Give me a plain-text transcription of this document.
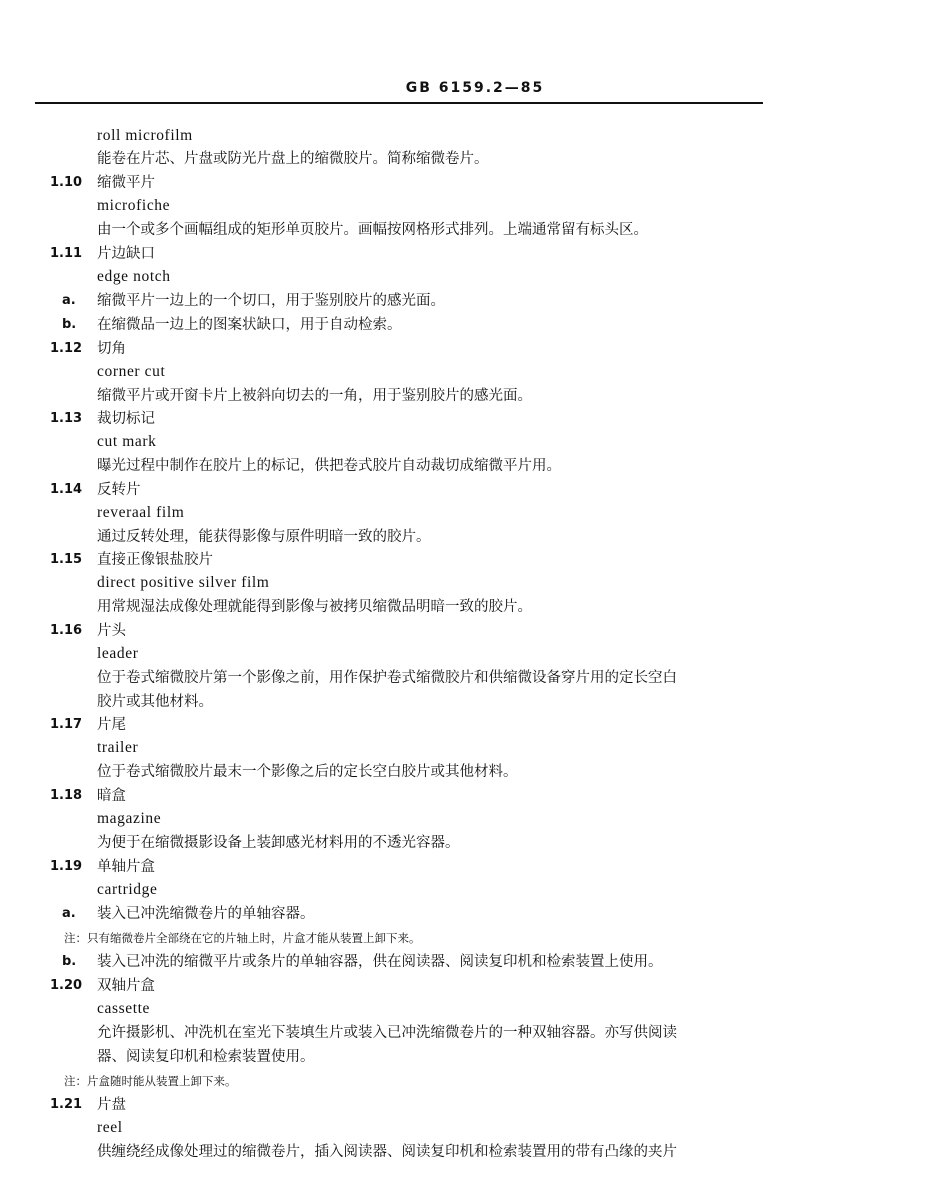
GB 6159.2—85
roll microfilm
能卷在片芯、片盘或防光片盘上的缩微胶片。简称缩微卷片。
1.10 缩微平片
microfiche
由一个或多个画幅组成的矩形单页胶片。画幅按网格形式排列。上端通常留有标头区。
1.11 片边缺口
edge notch
a. 缩微平片一边上的一个切口，用于鉴别胶片的感光面。
b. 在缩微品一边上的图案状缺口，用于自动检索。
1.12 切角
corner cut
缩微平片或开窗卡片上被斜向切去的一角，用于鉴别胶片的感光面。
1.13 裁切标记
cut mark
曝光过程中制作在胶片上的标记，供把卷式胶片自动裁切成缩微平片用。
1.14 反转片
reveraal film
通过反转处理，能获得影像与原件明暗一致的胶片。
1.15 直接正像银盐胶片
direct positive silver film
用常规湿法成像处理就能得到影像与被拷贝缩微品明暗一致的胶片。
1.16 片头
leader
位于卷式缩微胶片第一个影像之前，用作保护卷式缩微胶片和供缩微设备穿片用的定长空白
胶片或其他材料。
1.17 片尾
trailer
位于卷式缩微胶片最末一个影像之后的定长空白胶片或其他材料。
1.18 暗盒
magazine
为便于在缩微摄影设备上装卸感光材料用的不透光容器。
1.19 单轴片盒
cartridge
a. 装入已冲洗缩微卷片的单轴容器。
注：只有缩微卷片全部绕在它的片轴上时，片盒才能从装置上卸下来。
b. 装入已冲洗的缩微平片或条片的单轴容器，供在阅读器、阅读复印机和检索装置上使用。
1.20 双轴片盒
cassette
允许摄影机、冲洗机在室光下装填生片或装入已冲洗缩微卷片的一种双轴容器。亦写供阅读
器、阅读复印机和检索装置使用。
注：片盒随时能从装置上卸下来。
1.21 片盘
reel
供缠绕经成像处理过的缩微卷片，插入阅读器、阅读复印机和检索装置用的带有凸缘的夹片
